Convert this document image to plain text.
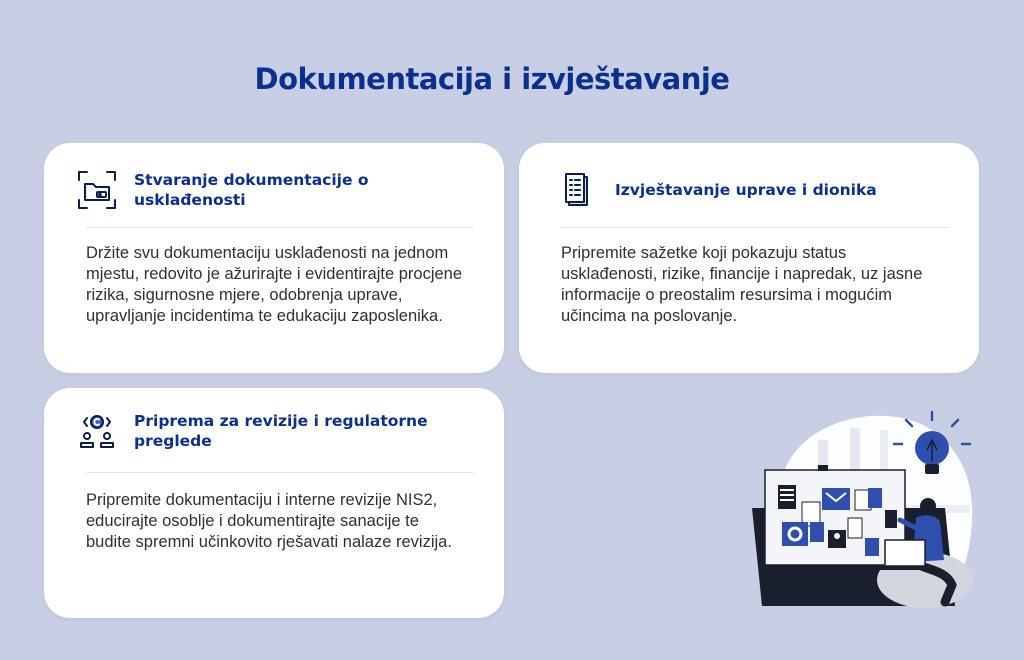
Dokumentacija i izvještavanje
Stvaranje dokumentacije o usklađenosti
Držite svu dokumentaciju usklađenosti na jednom mjestu, redovito je ažurirajte i evidentirajte procjene rizika, sigurnosne mjere, odobrenja uprave, upravljanje incidentima te edukaciju zaposlenika.
Izvještavanje uprave i dionika
Pripremite sažetke koji pokazuju status usklađenosti, rizike, financije i napredak, uz jasne informacije o preostalim resursima i mogućim učincima na poslovanje.
Priprema za revizije i regulatorne preglede
Pripremite dokumentaciju i interne revizije NIS2, educirajte osoblje i dokumentirajte sanacije te budite spremni učinkovito rješavati nalaze revizija.
